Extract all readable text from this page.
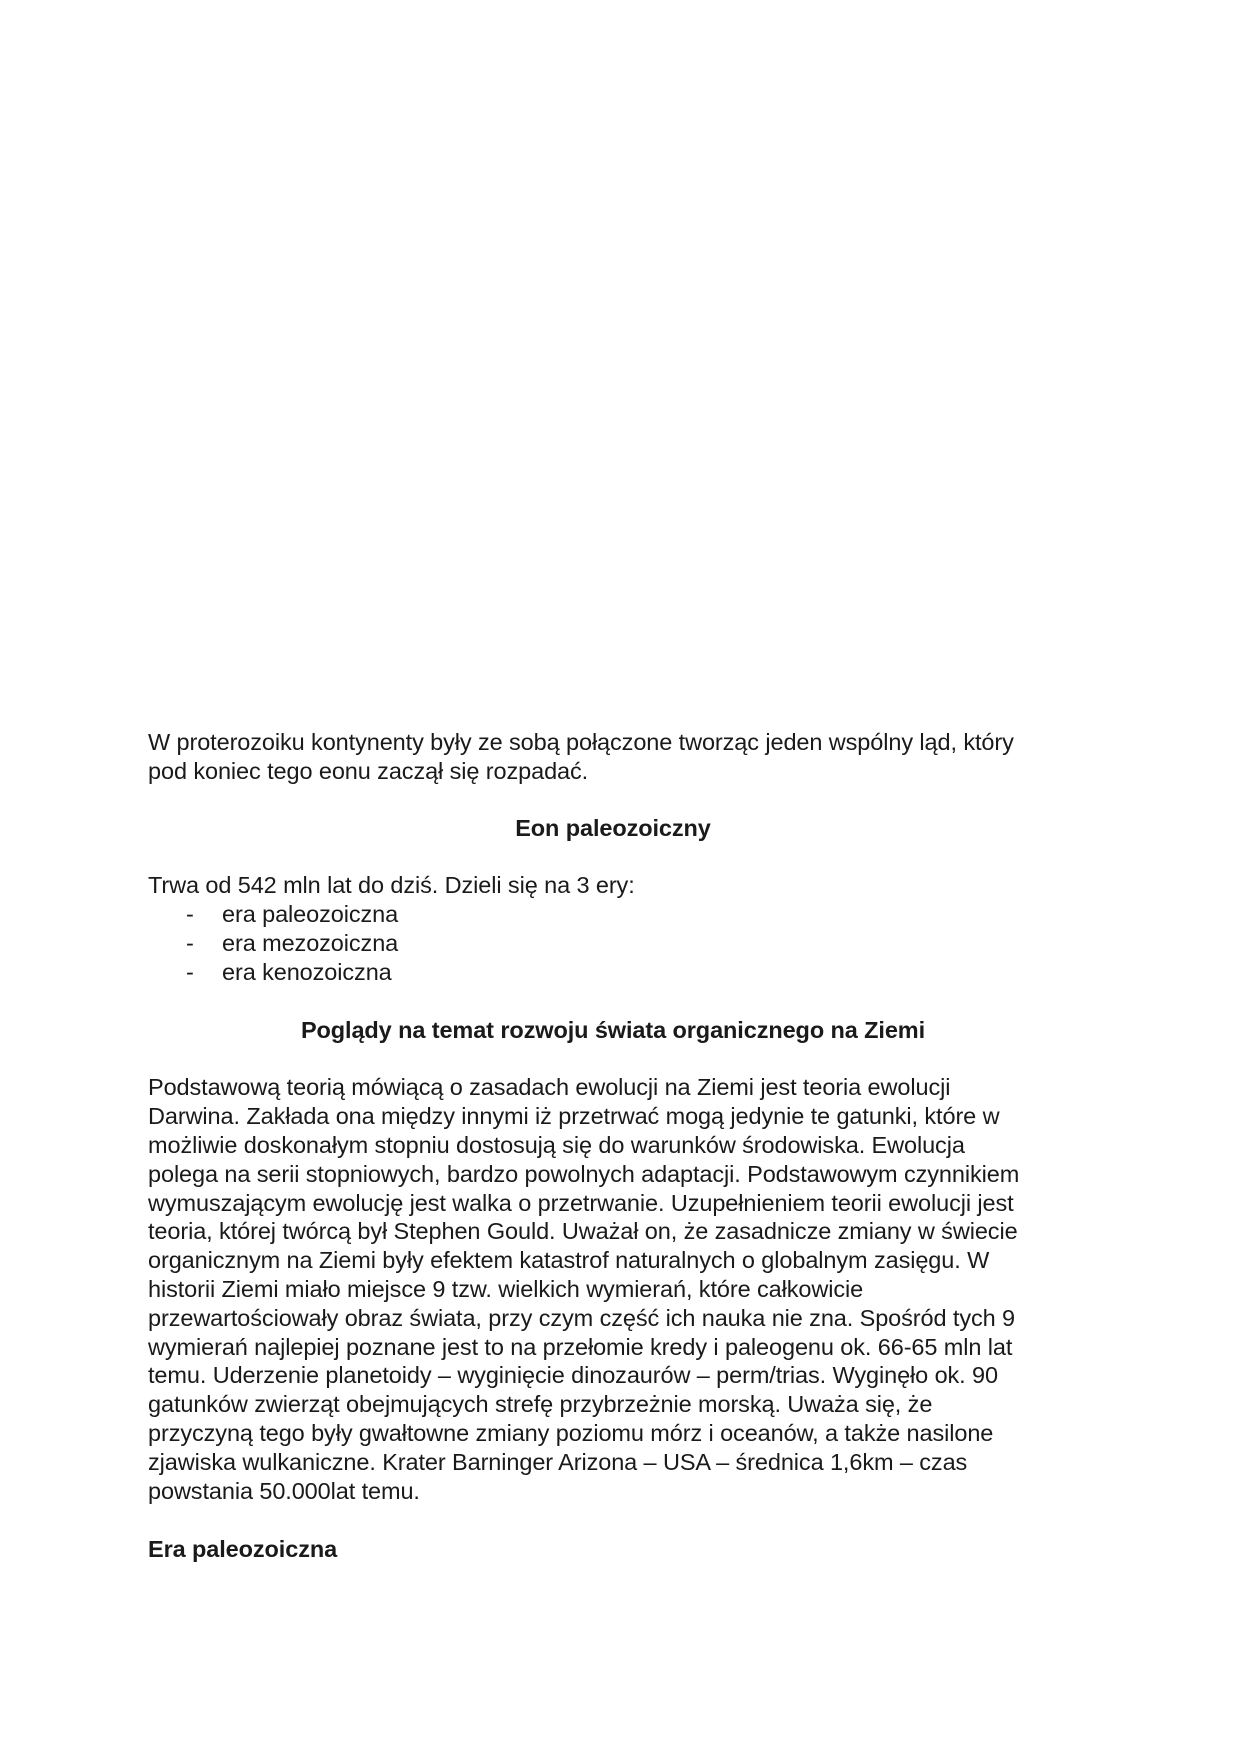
W proterozoiku kontynenty były ze sobą połączone tworząc jeden wspólny ląd, który
pod koniec tego eonu zaczął się rozpadać.

Eon paleozoiczny

Trwa od 542 mln lat do dziś. Dzieli się na 3 ery:

-	era paleozoiczna
-	era mezozoiczna
-	era kenozoiczna
Poglądy na temat rozwoju świata organicznego na Ziemi

Podstawową teorią mówiącą o zasadach ewolucji na Ziemi jest teoria ewolucji
Darwina. Zakłada ona między innymi iż przetrwać mogą jedynie te gatunki, które w
możliwie doskonałym stopniu dostosują się do warunków środowiska. Ewolucja
polega na serii stopniowych, bardzo powolnych adaptacji. Podstawowym czynnikiem
wymuszającym ewolucję jest walka o przetrwanie. Uzupełnieniem teorii ewolucji jest
teoria, której twórcą był Stephen Gould. Uważał on, że zasadnicze zmiany w świecie
organicznym na Ziemi były efektem katastrof naturalnych o globalnym zasięgu. W
historii Ziemi miało miejsce 9 tzw. wielkich wymierań, które całkowicie
przewartościowały obraz świata, przy czym część ich nauka nie zna. Spośród tych 9
wymierań najlepiej poznane jest to na przełomie kredy i paleogenu ok. 66-65 mln lat
temu. Uderzenie planetoidy – wyginięcie dinozaurów – perm/trias. Wyginęło ok. 90
gatunków zwierząt obejmujących strefę przybrzeżnie morską. Uważa się, że
przyczyną tego były gwałtowne zmiany poziomu mórz i oceanów, a także nasilone
zjawiska wulkaniczne. Krater Barninger Arizona – USA – średnica 1,6km – czas
powstania 50.000lat temu.

Era paleozoiczna
